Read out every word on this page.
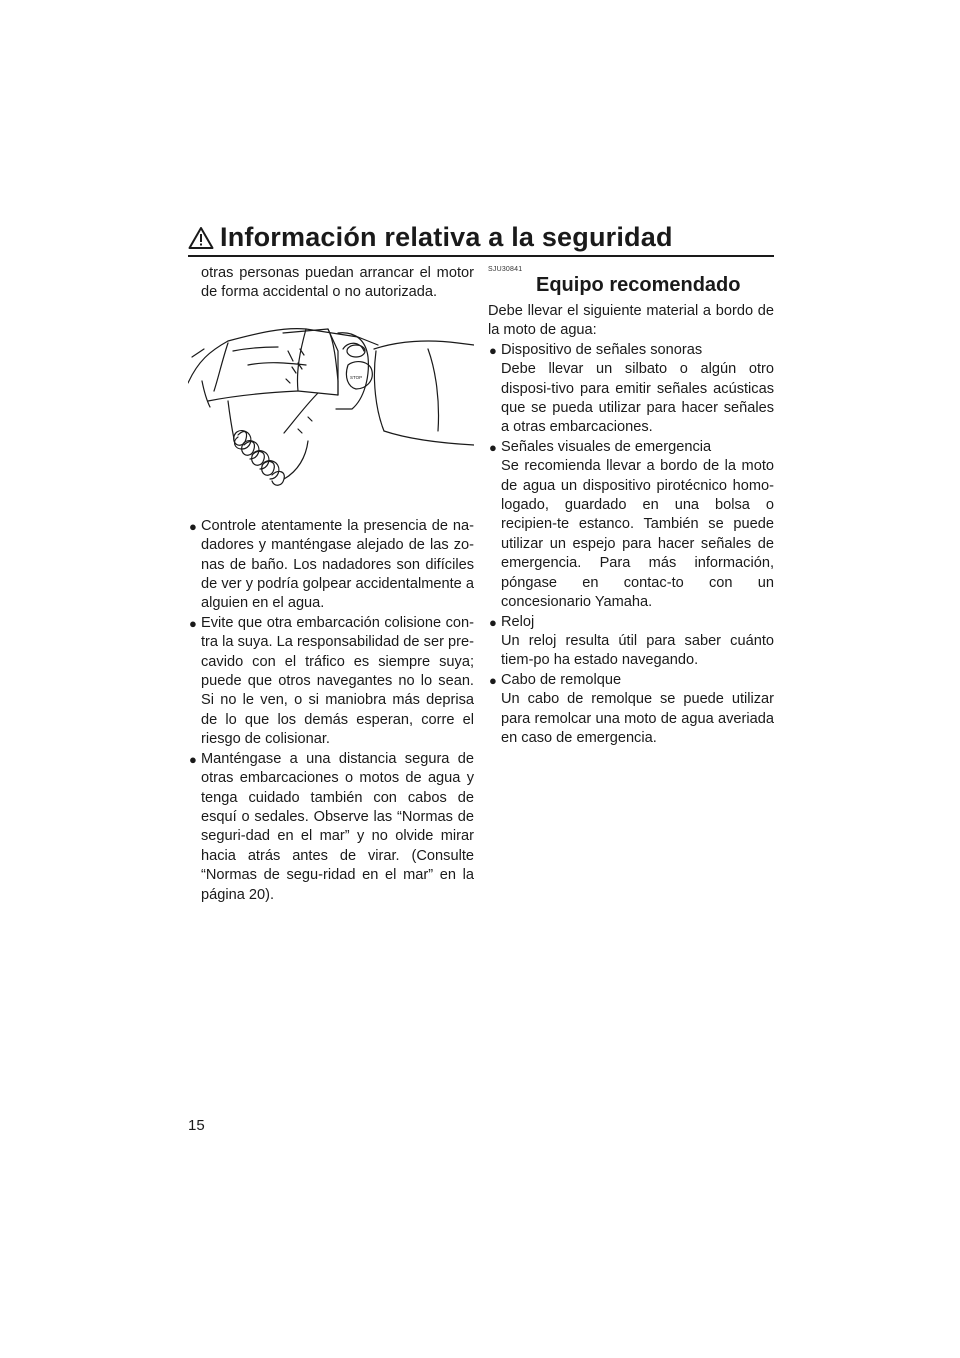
Información relativa a la seguridad

otras personas puedan arrancar el motor de forma accidental o no autorizada.

STOP
● Controle atentamente la presencia de na-dadores y manténgase alejado de las zo-nas de baño. Los nadadores son difíciles de ver y podría golpear accidentalmente a alguien en el agua.
● Evite que otra embarcación colisione con-tra la suya. La responsabilidad de ser pre-cavido con el tráfico es siempre suya; puede que otros navegantes no lo sean. Si no le ven, o si maniobra más deprisa de lo que los demás esperan, corre el riesgo de colisionar.
● Manténgase a una distancia segura de otras embarcaciones o motos de agua y tenga cuidado también con cabos de esquí o sedales. Observe las “Normas de seguri-dad en el mar” y no olvide mirar hacia atrás antes de virar. (Consulte “Normas de segu-ridad en el mar” en la página 20).
SJU30841
Equipo recomendado

Debe llevar el siguiente material a bordo de la moto de agua:

● Dispositivo de señales sonoras
Debe llevar un silbato o algún otro disposi-tivo para emitir señales acústicas que se pueda utilizar para hacer señales a otras embarcaciones.
● Señales visuales de emergencia
Se recomienda llevar a bordo de la moto de agua un dispositivo pirotécnico homo-logado, guardado en una bolsa o recipien-te estanco. También se puede utilizar un espejo para hacer señales de emergencia. Para más información, póngase en contac-to con un concesionario Yamaha.
● Reloj
Un reloj resulta útil para saber cuánto tiem-po ha estado navegando.
● Cabo de remolque
Un cabo de remolque se puede utilizar para remolcar una moto de agua averiada en caso de emergencia.
15
